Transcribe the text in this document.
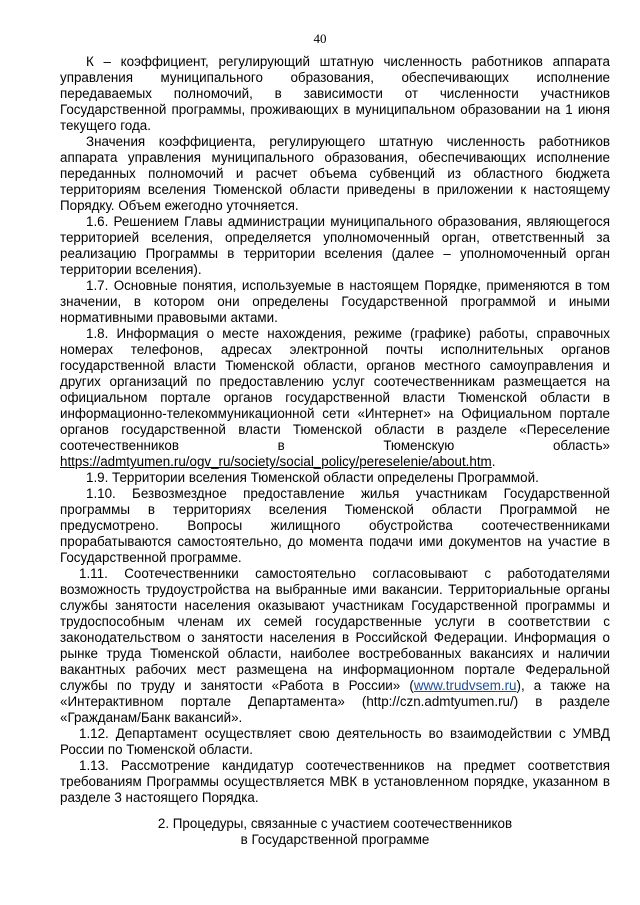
40

К – коэффициент, регулирующий штатную численность работников аппарата управления муниципального образования, обеспечивающих исполнение передаваемых полномочий, в зависимости от численности участников Государственной программы, проживающих в муниципальном образовании на 1 июня текущего года.

Значения коэффициента, регулирующего штатную численность работников аппарата управления муниципального образования, обеспечивающих исполнение переданных полномочий и расчет объема субвенций из областного бюджета территориям вселения Тюменской области приведены в приложении к настоящему Порядку. Объем ежегодно уточняется.

1.6. Решением Главы администрации муниципального образования, являющегося территорией вселения, определяется уполномоченный орган, ответственный за реализацию Программы в территории вселения (далее – уполномоченный орган территории вселения).

1.7. Основные понятия, используемые в настоящем Порядке, применяются в том значении, в котором они определены Государственной программой и иными нормативными правовыми актами.

1.8. Информация о месте нахождения, режиме (графике) работы, справочных номерах телефонов, адресах электронной почты исполнительных органов государственной власти Тюменской области, органов местного самоуправления и других организаций по предоставлению услуг соотечественникам размещается на официальном портале органов государственной власти Тюменской области в информационно-телекоммуникационной сети «Интернет» на Официальном портале органов государственной власти Тюменской области в разделе «Переселение соотечественников в Тюменскую область» https://admtyumen.ru/ogv_ru/society/social_policy/pereselenie/about.htm.

1.9. Территории вселения Тюменской области определены Программой.

1.10. Безвозмездное предоставление жилья участникам Государственной программы в территориях вселения Тюменской области Программой не предусмотрено. Вопросы жилищного обустройства соотечественниками прорабатываются самостоятельно, до момента подачи ими документов на участие в Государственной программе.

1.11. Соотечественники самостоятельно согласовывают с работодателями возможность трудоустройства на выбранные ими вакансии. Территориальные органы службы занятости населения оказывают участникам Государственной программы и трудоспособным членам их семей государственные услуги в соответствии с законодательством о занятости населения в Российской Федерации. Информация о рынке труда Тюменской области, наиболее востребованных вакансиях и наличии вакантных рабочих мест размещена на информационном портале Федеральной службы по труду и занятости «Работа в России» (www.trudvsem.ru), а также на «Интерактивном портале Департамента» (http://czn.admtyumen.ru/) в разделе «Гражданам/Банк вакансий».

1.12. Департамент осуществляет свою деятельность во взаимодействии с УМВД России по Тюменской области.

1.13. Рассмотрение кандидатур соотечественников на предмет соответствия требованиям Программы осуществляется МВК в установленном порядке, указанном в разделе 3 настоящего Порядка.

2. Процедуры, связанные с участием соотечественников

в Государственной программе
